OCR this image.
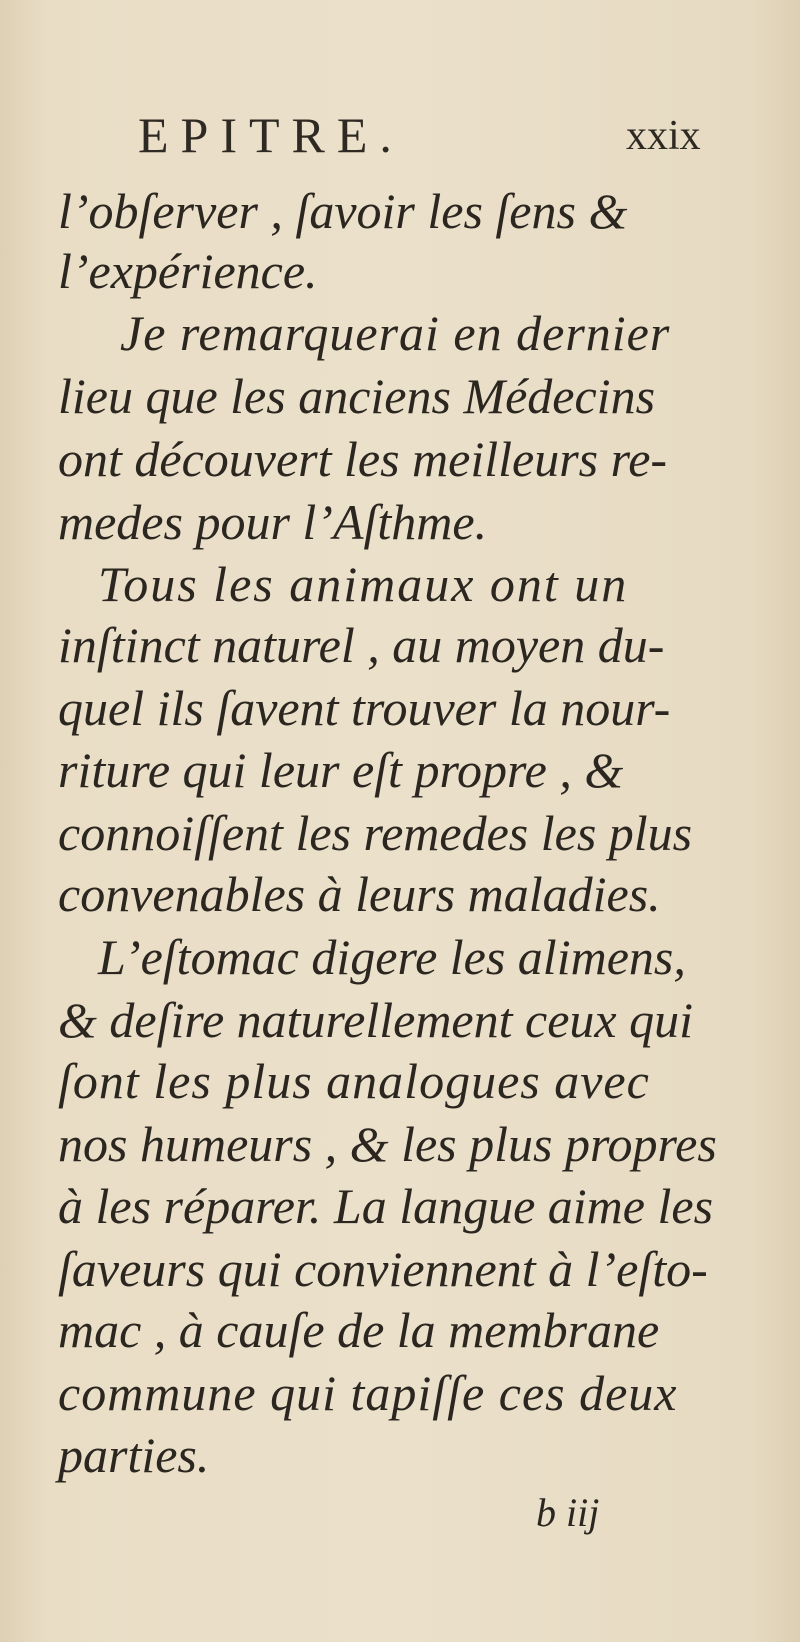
EPITRE.	xxix
l’obſerver , ſavoir les ſens &
l’expérience.
Je remarquerai en dernier
lieu que les anciens Médecins
ont découvert les meilleurs re-
medes pour l’Aſthme.
Tous les animaux ont un
inſtinct naturel , au moyen du-
quel ils ſavent trouver la nour-
riture qui leur eſt propre , &
connoiſſent les remedes les plus
convenables à leurs maladies.
L’eſtomac digere les alimens,
& deſire naturellement ceux qui
ſont les plus analogues avec
nos humeurs , & les plus propres
à les réparer. La langue aime les
ſaveurs qui conviennent à l’eſto-
mac , à cauſe de la membrane
commune qui tapiſſe ces deux
parties.
b iij
